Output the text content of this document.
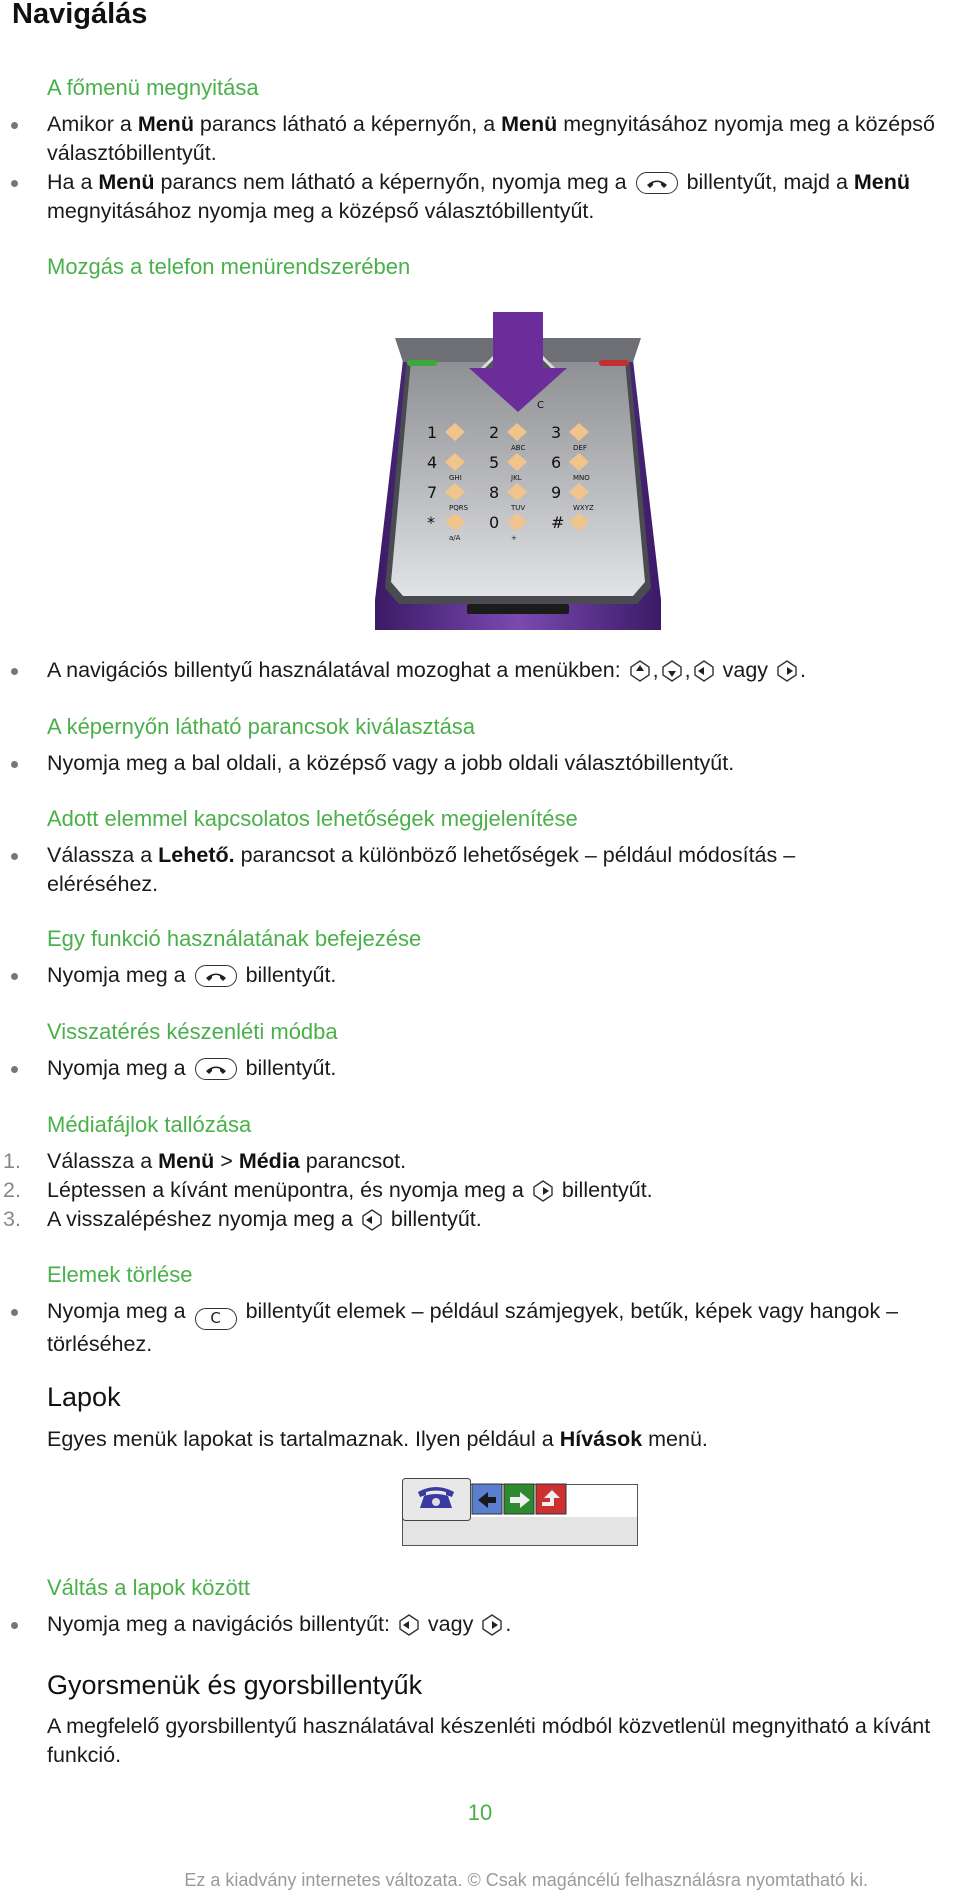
Navigálás
A főmenü megnyitása
Amikor a Menü parancs látható a képernyőn, a Menü megnyitásához nyomja meg a középső választóbillentyűt.
Ha a Menü parancs nem látható a képernyőn, nyomja meg a
billentyűt, majd a Menü megnyitásához nyomja meg a középső választóbillentyűt.
Mozgás a telefon menürendszerében
1	2
ABC
3
DEF
4
GHI
5
JKL
6
MNO
7
PQRS
8
TUV
9
WXYZ
*
a/A
0
+
#
C
A navigációs billentyű használatával mozoghat a menükben: , , vagy .
A képernyőn látható parancsok kiválasztása
Nyomja meg a bal oldali, a középső vagy a jobb oldali választóbillentyűt.
Adott elemmel kapcsolatos lehetőségek megjelenítése
Válassza a Lehető. parancsot a különböző lehetőségek – például módosítás – eléréséhez.
Egy funkció használatának befejezése
Nyomja meg a
billentyűt.
Visszatérés készenléti módba
Nyomja meg a
billentyűt.
Médiafájlok tallózása
1. Válassza a Menü > Média parancsot.
2. Léptessen a kívánt menüpontra, és nyomja meg a  billentyűt.
3. A visszalépéshez nyomja meg a  billentyűt.
Elemek törlése
Nyomja meg a C billentyűt elemek – például számjegyek, betűk, képek vagy hangok – törléséhez.
Lapok
Egyes menük lapokat is tartalmaznak. Ilyen például a Hívások menü.
Váltás a lapok között
Nyomja meg a navigációs billentyűt:  vagy .
Gyorsmenük és gyorsbillentyűk
A megfelelő gyorsbillentyű használatával készenléti módból közvetlenül megnyitható a kívánt funkció.
10
Ez a kiadvány internetes változata. © Csak magáncélú felhasználásra nyomtatható ki.
